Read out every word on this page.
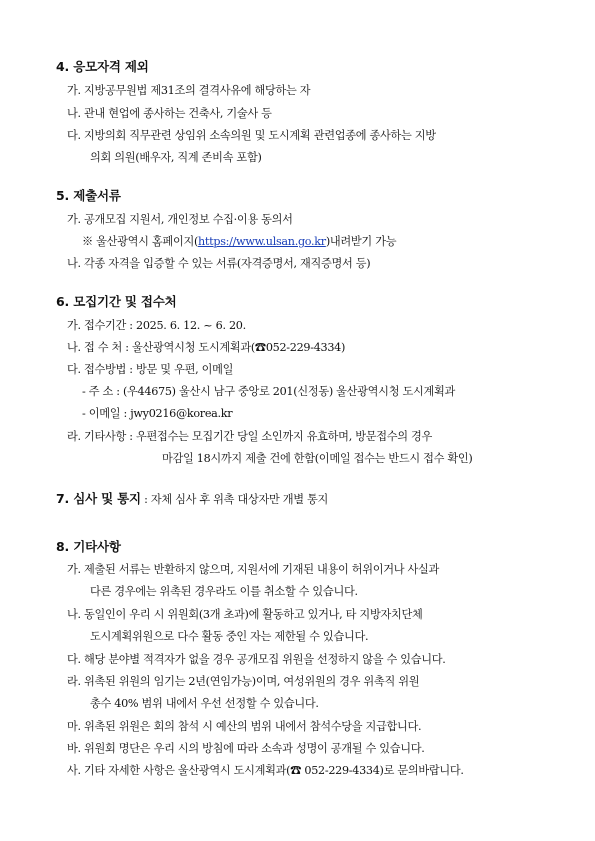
4. 응모자격 제외
가. 지방공무원법 제31조의 결격사유에 해당하는 자
나. 관내 현업에 종사하는 건축사, 기술사 등
다. 지방의회 직무관련 상임위 소속의원 및 도시계획 관련업종에 종사하는 지방
의회 의원(배우자, 직계 존비속 포함)
5. 제출서류
가. 공개모집 지원서, 개인정보 수집·이용 동의서
※ 울산광역시 홈페이지(https://www.ulsan.go.kr)내려받기 가능
나. 각종 자격을 입증할 수 있는 서류(자격증명서, 재직증명서 등)
6. 모집기간 및 접수처
가. 접수기간 : 2025. 6. 12. ~ 6. 20.
나. 접 수 처 : 울산광역시청 도시계획과(☎052-229-4334)
다. 접수방법 : 방문 및 우편, 이메일
- 주 소 : (우44675) 울산시 남구 중앙로 201(신정동) 울산광역시청 도시계획과
- 이메일 : jwy0216@korea.kr
라. 기타사항 : 우편접수는 모집기간 당일 소인까지 유효하며, 방문접수의 경우
마감일 18시까지 제출 건에 한함(이메일 접수는 반드시 접수 확인)
7. 심사 및 통지 : 자체 심사 후 위촉 대상자만 개별 통지
8. 기타사항
가. 제출된 서류는 반환하지 않으며, 지원서에 기재된 내용이 허위이거나 사실과
다른 경우에는 위촉된 경우라도 이를 취소할 수 있습니다.
나. 동일인이 우리 시 위원회(3개 초과)에 활동하고 있거나, 타 지방자치단체
도시계획위원으로 다수 활동 중인 자는 제한될 수 있습니다.
다. 해당 분야별 적격자가 없을 경우 공개모집 위원을 선정하지 않을 수 있습니다.
라. 위촉된 위원의 임기는 2년(연임가능)이며, 여성위원의 경우 위촉직 위원
총수 40% 범위 내에서 우선 선정할 수 있습니다.
마. 위촉된 위원은 회의 참석 시 예산의 범위 내에서 참석수당을 지급합니다.
바. 위원회 명단은 우리 시의 방침에 따라 소속과 성명이 공개될 수 있습니다.
사. 기타 자세한 사항은 울산광역시 도시계획과(☎ 052-229-4334)로 문의바랍니다.
